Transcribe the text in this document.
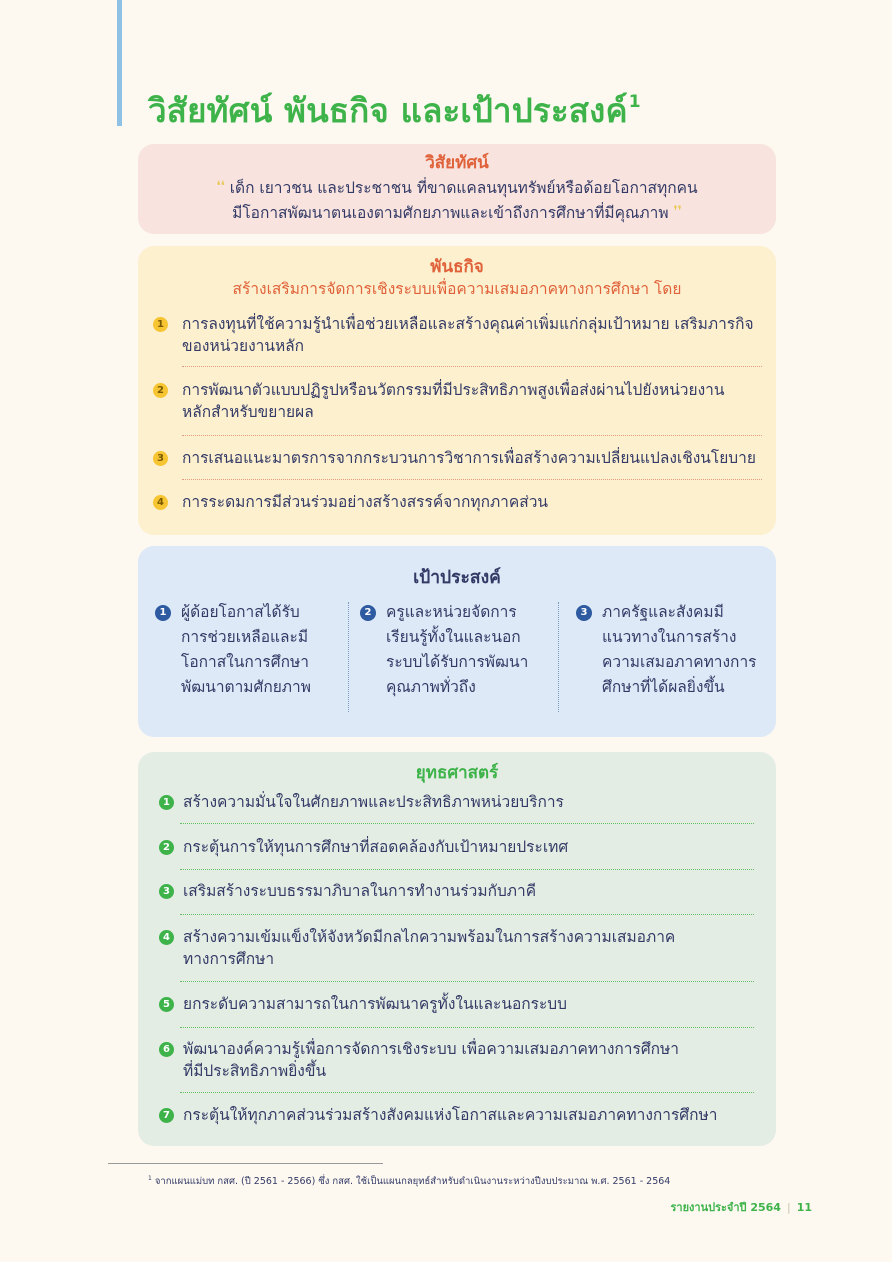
วิสัยทัศน์ พันธกิจ และเป้าประสงค์$^1$
วิสัยทัศน์
❛❛ เด็ก เยาวชน และประชาชน ที่ขาดแคลนทุนทรัพย์หรือด้อยโอกาสทุกคน
มีโอกาสพัฒนาตนเองตามศักยภาพและเข้าถึงการศึกษาที่มีคุณภาพ ❜❜
พันธกิจ
สร้างเสริมการจัดการเชิงระบบเพื่อความเสมอภาคทางการศึกษา โดย
1 การลงทุนที่ใช้ความรู้นำเพื่อช่วยเหลือและสร้างคุณค่าเพิ่มแก่กลุ่มเป้าหมาย เสริมภารกิจ
ของหน่วยงานหลัก
2 การพัฒนาตัวแบบปฏิรูปหรือนวัตกรรมที่มีประสิทธิภาพสูงเพื่อส่งผ่านไปยังหน่วยงาน
หลักสำหรับขยายผล
3 การเสนอแนะมาตรการจากกระบวนการวิชาการเพื่อสร้างความเปลี่ยนแปลงเชิงนโยบาย
4 การระดมการมีส่วนร่วมอย่างสร้างสรรค์จากทุกภาคส่วน
เป้าประสงค์
1 ผู้ด้อยโอกาสได้รับ
การช่วยเหลือและมี
โอกาสในการศึกษา
พัฒนาตามศักยภาพ
2 ครูและหน่วยจัดการ
เรียนรู้ทั้งในและนอก
ระบบได้รับการพัฒนา
คุณภาพทั่วถึง
3 ภาครัฐและสังคมมี
แนวทางในการสร้าง
ความเสมอภาคทางการ
ศึกษาที่ได้ผลยิ่งขึ้น
ยุทธศาสตร์
1 สร้างความมั่นใจในศักยภาพและประสิทธิภาพหน่วยบริการ
2 กระตุ้นการให้ทุนการศึกษาที่สอดคล้องกับเป้าหมายประเทศ
3 เสริมสร้างระบบธรรมาภิบาลในการทำงานร่วมกับภาคี
4 สร้างความเข้มแข็งให้จังหวัดมีกลไกความพร้อมในการสร้างความเสมอภาค
ทางการศึกษา
5 ยกระดับความสามารถในการพัฒนาครูทั้งในและนอกระบบ
6 พัฒนาองค์ความรู้เพื่อการจัดการเชิงระบบ เพื่อความเสมอภาคทางการศึกษา
ที่มีประสิทธิภาพยิ่งขึ้น
7 กระตุ้นให้ทุกภาคส่วนร่วมสร้างสังคมแห่งโอกาสและความเสมอภาคทางการศึกษา
$^1$ จากแผนแม่บท กสศ. (ปี 2561 - 2566) ซึ่ง กสศ. ใช้เป็นแผนกลยุทธ์สำหรับดำเนินงานระหว่างปีงบประมาณ พ.ศ. 2561 - 2564
รายงานประจำปี 2564 | 11
